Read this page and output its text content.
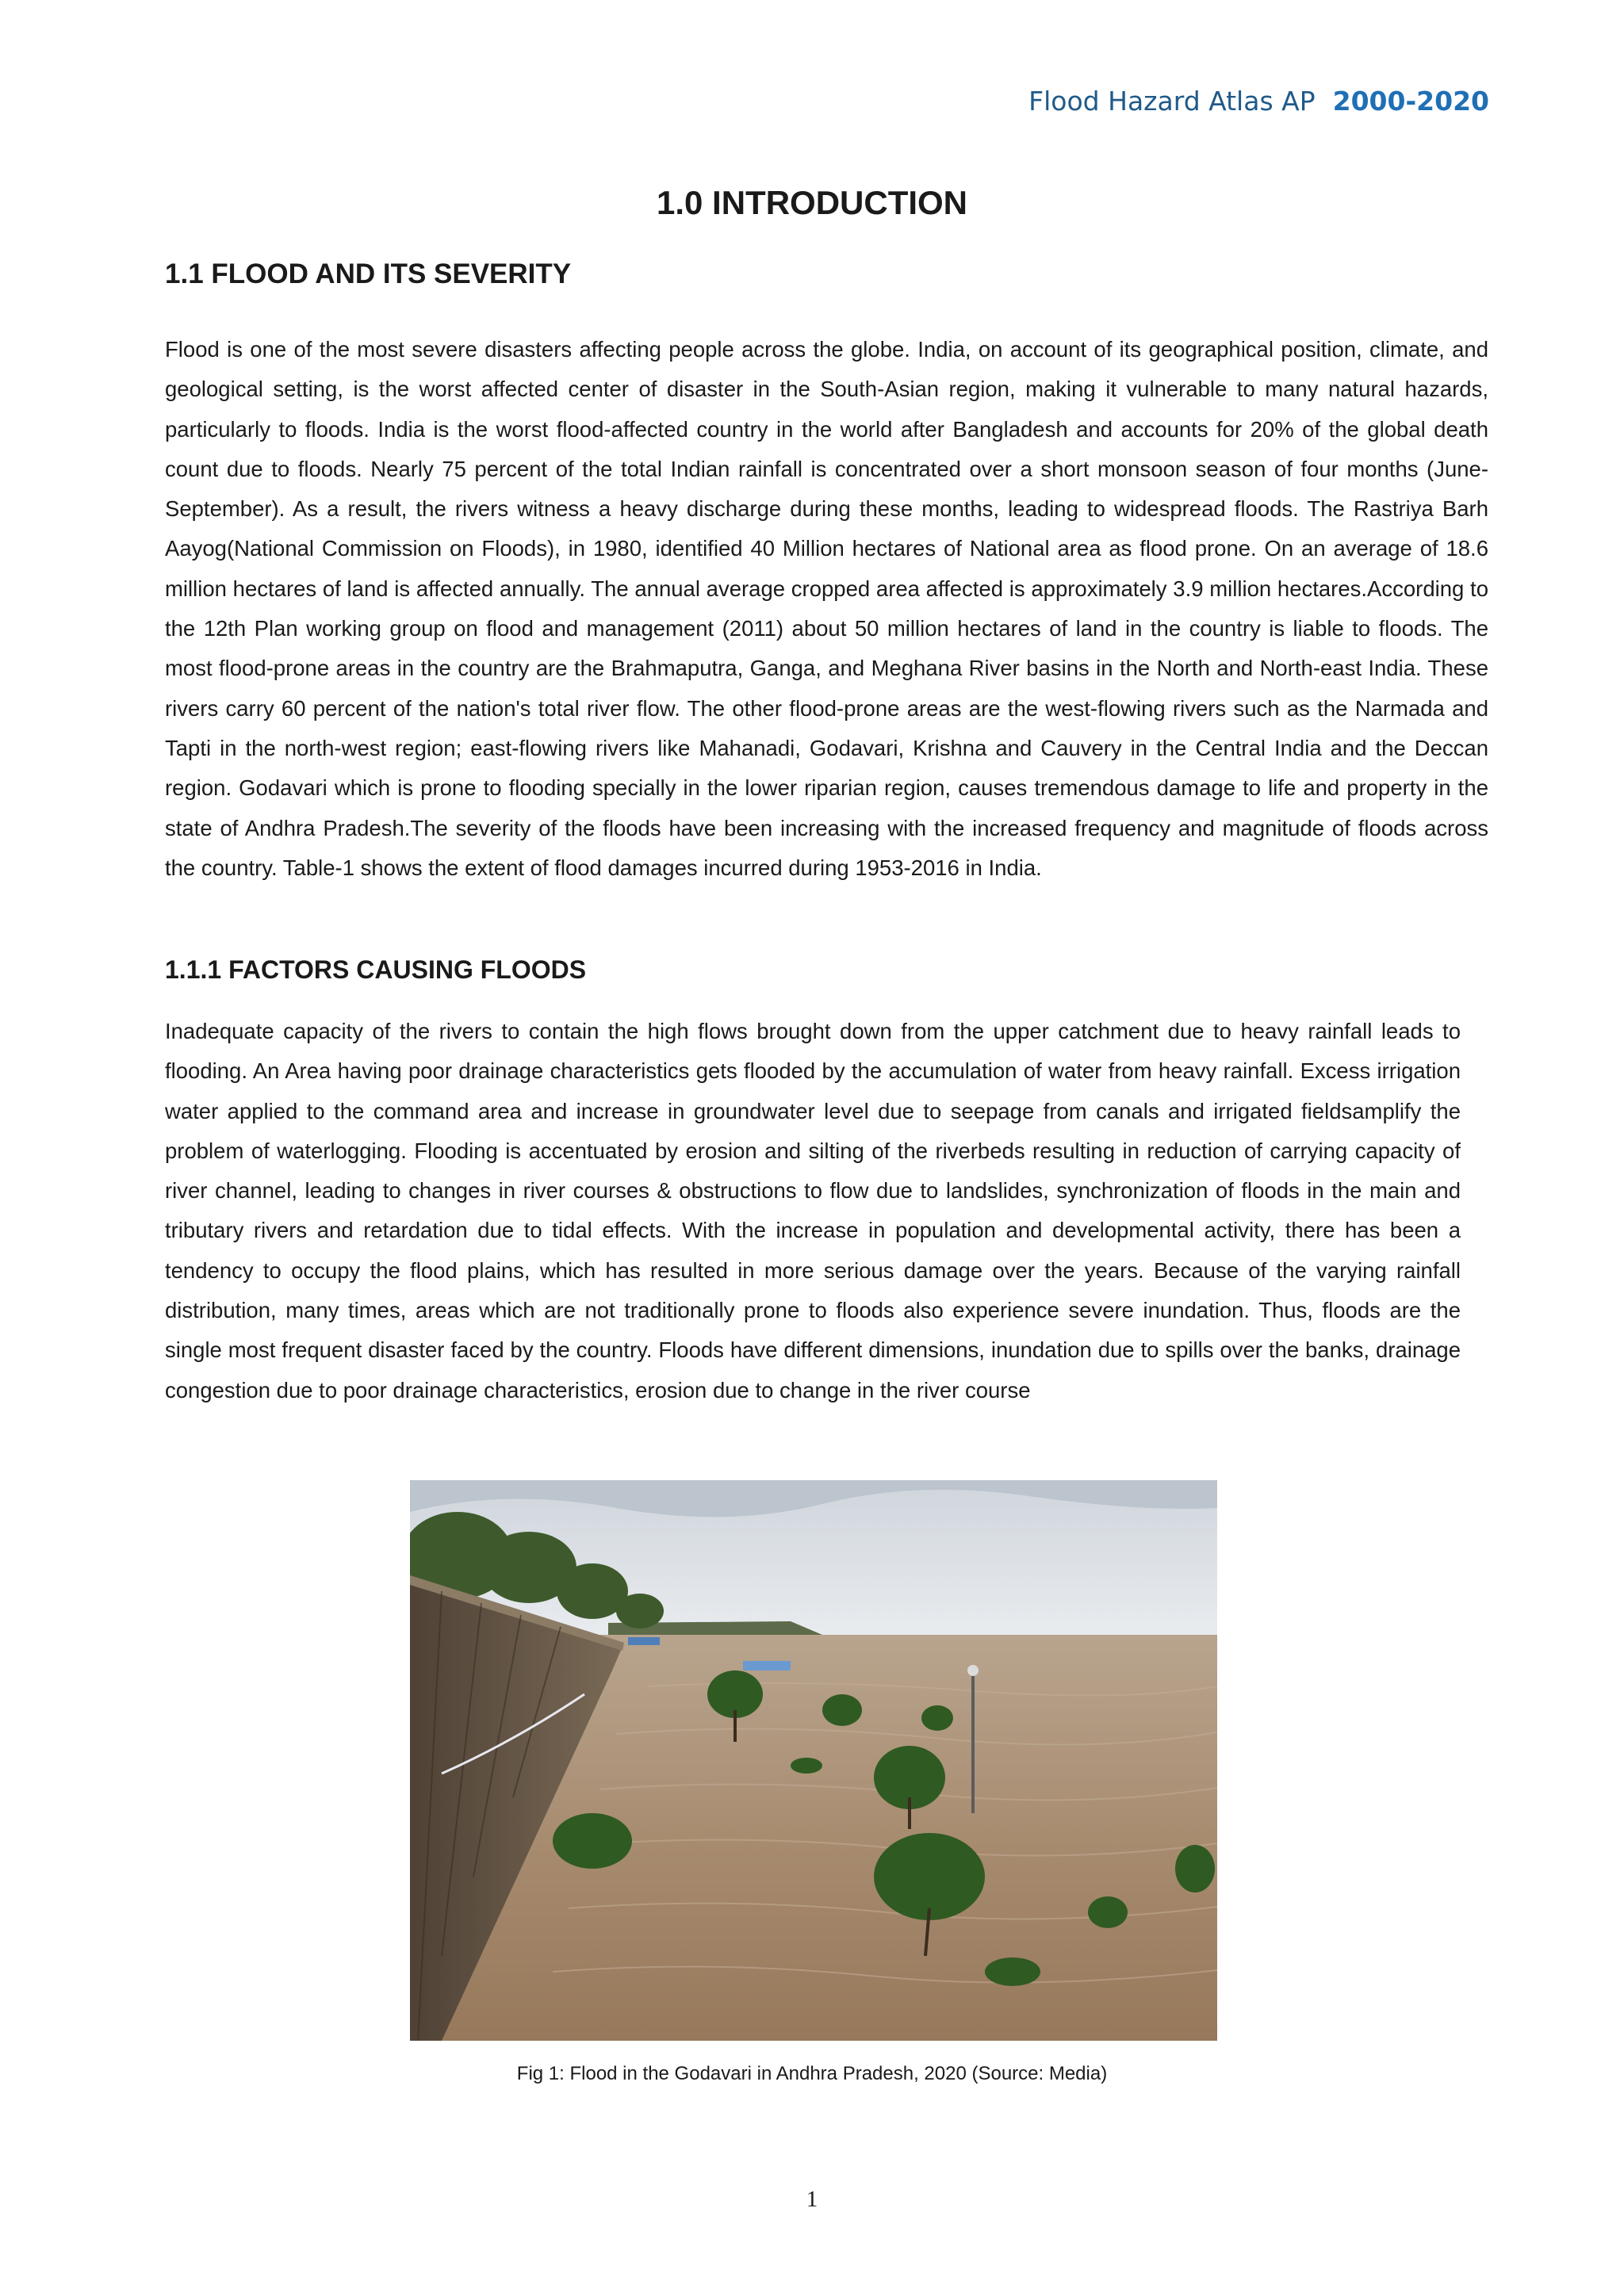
Flood Hazard Atlas AP 2000-2020
1.0 INTRODUCTION
1.1 FLOOD AND ITS SEVERITY
Flood is one of the most severe disasters affecting people across the globe. India, on account of its geographical position, climate, and geological setting, is the worst affected center of disaster in the South-Asian region, making it vulnerable to many natural hazards, particularly to floods. India is the worst flood-affected country in the world after Bangladesh and accounts for 20% of the global death count due to floods. Nearly 75 percent of the total Indian rainfall is concentrated over a short monsoon season of four months (June-September). As a result, the rivers witness a heavy discharge during these months, leading to widespread floods. The Rastriya Barh Aayog(National Commission on Floods), in 1980, identified 40 Million hectares of National area as flood prone. On an average of 18.6 million hectares of land is affected annually. The annual average cropped area affected is approximately 3.9 million hectares.According to the 12th Plan working group on flood and management (2011) about 50 million hectares of land in the country is liable to floods. The most flood-prone areas in the country are the Brahmaputra, Ganga, and Meghana River basins in the North and North-east India. These rivers carry 60 percent of the nation's total river flow. The other flood-prone areas are the west-flowing rivers such as the Narmada and Tapti in the north-west region; east-flowing rivers like Mahanadi, Godavari, Krishna and Cauvery in the Central India and the Deccan region. Godavari which is prone to flooding specially in the lower riparian region, causes tremendous damage to life and property in the state of Andhra Pradesh.The severity of the floods have been increasing with the increased frequency and magnitude of floods across the country. Table-1 shows the extent of flood damages incurred during 1953-2016 in India.
1.1.1 FACTORS CAUSING FLOODS
Inadequate capacity of the rivers to contain the high flows brought down from the upper catchment due to heavy rainfall leads to flooding. An Area having poor drainage characteristics gets flooded by the accumulation of water from heavy rainfall. Excess irrigation water applied to the command area and increase in groundwater level due to seepage from canals and irrigated fieldsamplify the problem of waterlogging. Flooding is accentuated by erosion and silting of the riverbeds resulting in reduction of carrying capacity of river channel, leading to changes in river courses & obstructions to flow due to landslides, synchronization of floods in the main and tributary rivers and retardation due to tidal effects. With the increase in population and developmental activity, there has been a tendency to occupy the flood plains, which has resulted in more serious damage over the years. Because of the varying rainfall distribution, many times, areas which are not traditionally prone to floods also experience severe inundation. Thus, floods are the single most frequent disaster faced by the country. Floods have different dimensions, inundation due to spills over the banks, drainage congestion due to poor drainage characteristics, erosion due to change in the river course
Fig 1: Flood in the Godavari in Andhra Pradesh, 2020 (Source: Media)
1
